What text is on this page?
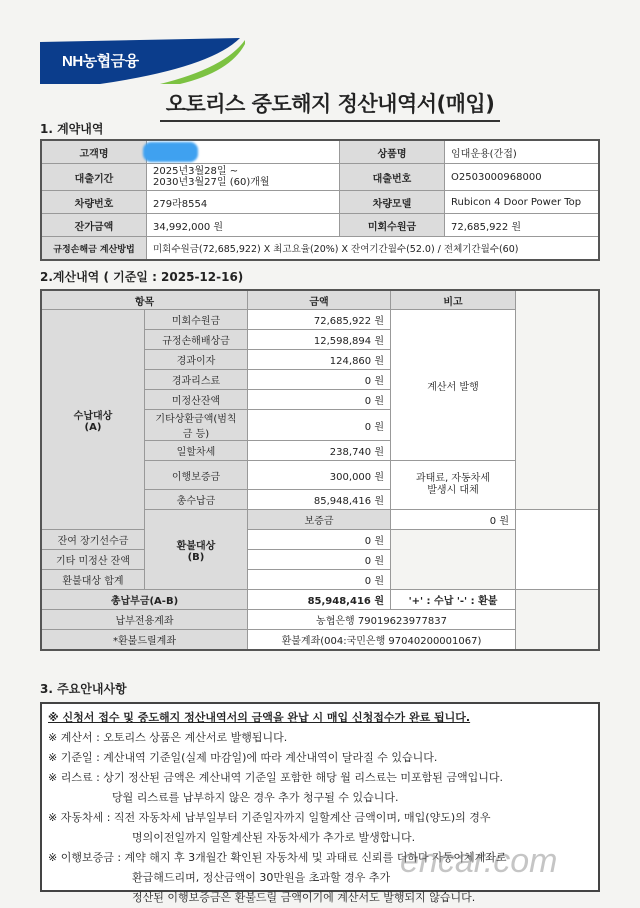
NH농협금융
오토리스 중도해지 정산내역서(매입)
1. 계약내역
고객명		상품명	임대운용(간접)
대출기간	2025년3월28일 ~
2030년3월27일 (60)개월	대출번호	O2503000968000
차량번호	279라8554	차량모델	Rubicon 4 Door Power Top
잔가금액	34,992,000 원	미회수원금	72,685,922 원
규정손해금 계산방법	미회수원금(72,685,922) X 최고요율(20%) X 잔여기간월수(52.0) / 전체기간월수(60)		
2.계산내역 ( 기준일 : 2025-12-16)
항목		금액	비고	

수납대상
(A)	미회수원금	72,685,922 원	계산서 발행	
	규정손해배상금	12,598,894 원		
	경과이자	124,860 원		
	경과리스료	0 원		
	미정산잔액	0 원		
	기타상환금액(범칙금 등)	0 원		
	일할차세	238,740 원		
	이행보증금	300,000 원	과태료, 자동차세
발생시 대체	

	총수납금	85,948,416 원		

	환불대상
(B)	보증금	0 원	
잔여 장기선수금		0 원		
기타 미정산 잔액		0 원		
환불대상 합계		0 원		
총납부금(A-B)		85,948,416 원	'+' : 수납 '-' : 환불	
납부전용계좌		농협은행 79019623977837		
*환불드릴계좌		환불계좌(004:국민은행 97040200001067)		
3. 주요안내사항

※ 신청서 접수 및 중도해지 정산내역서의 금액을 완납 시 매입 신청접수가 완료 됩니다.

※ 계산서 : 오토리스 상품은 계산서로 발행됩니다.

※ 기준일 : 계산내역 기준일(실제 마감일)에 따라 계산내역이 달라질 수 있습니다.

※ 리스료 : 상기 정산된 금액은 계산내역 기준일 포함한 해당 월 리스료는 미포함된 금액입니다.

당월 리스료를 납부하지 않은 경우 추가 청구될 수 있습니다.

※ 자동차세 : 직전 자동차세 납부일부터 기준일자까지 일할계산 금액이며, 매입(양도)의 경우

명의이전일까지 일할계산된 자동차세가 추가로 발생합니다.

※ 이행보증금 : 계약 해지 후 3개월간 확인된 자동차세 및 과태료 신뢰를 더하다 자동이체계좌로

환급해드리며, 정산금액이 30만원을 초과할 경우 추가

정산된 이행보증금은 환불드릴 금액이기에 계산서도 발행되지 않습니다.

encar.com
